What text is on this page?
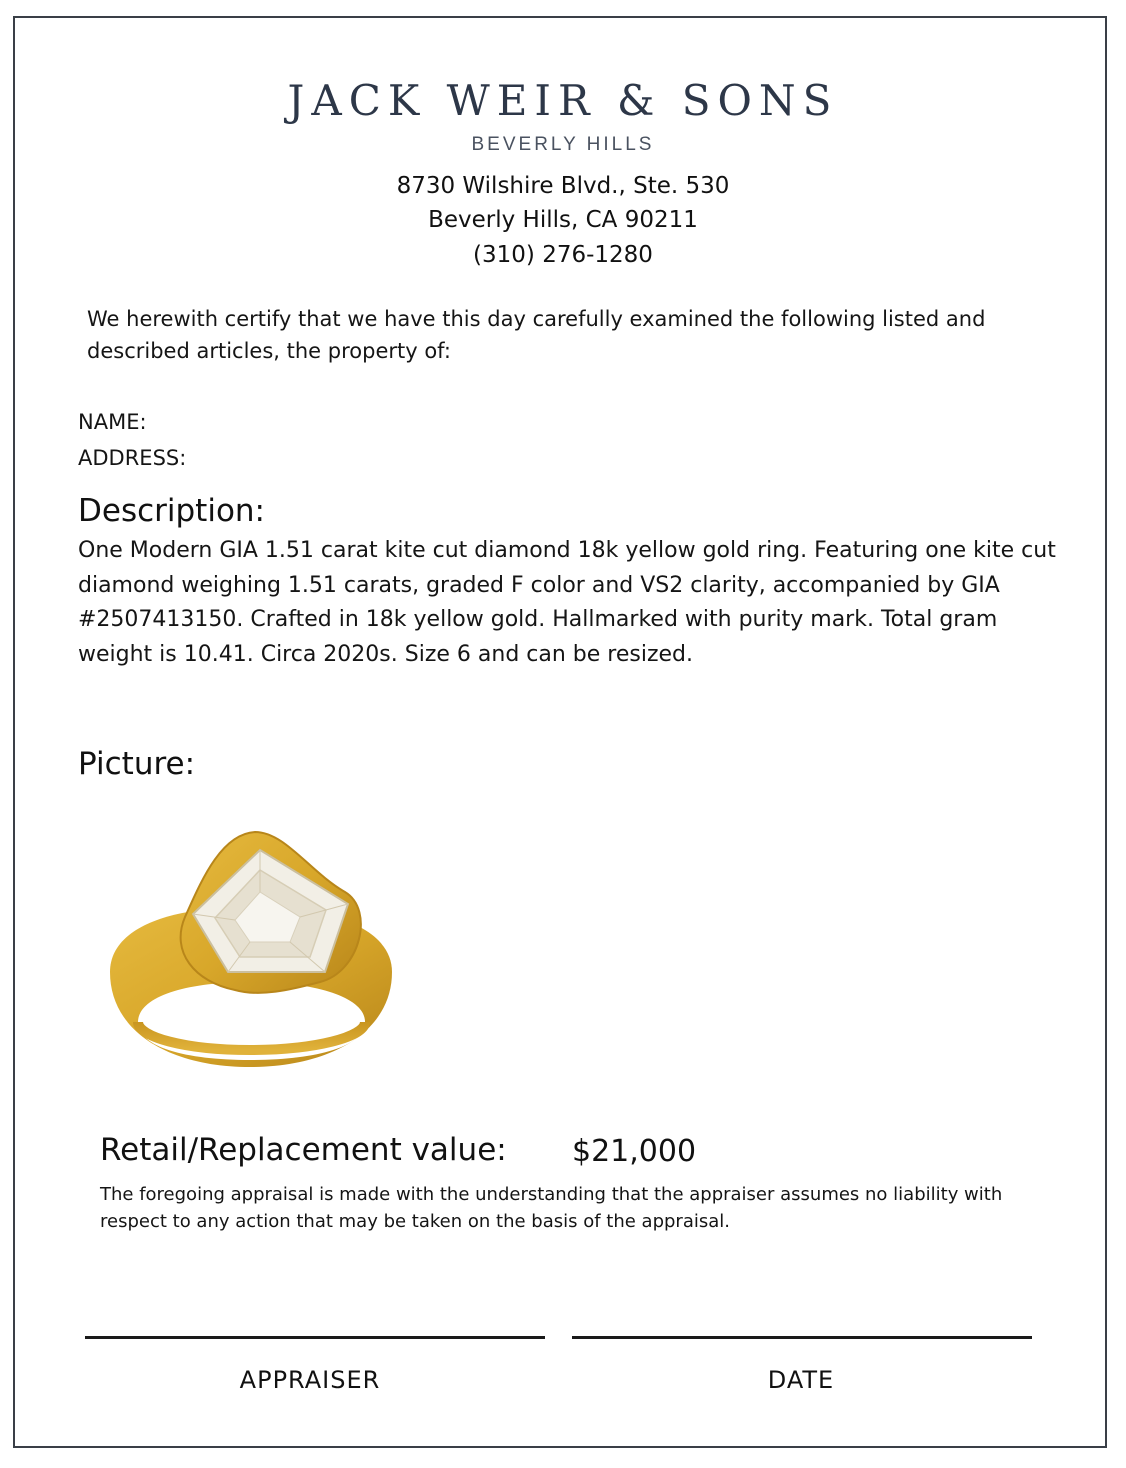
JACK WEIR & SONS
BEVERLY HILLS
8730 Wilshire Blvd., Ste. 530
Beverly Hills, CA 90211
(310) 276-1280

We herewith certify that we have this day carefully examined the following listed and described articles, the property of:

NAME:

ADDRESS:

Description:

One Modern GIA 1.51 carat kite cut diamond 18k yellow gold ring. Featuring one kite cut diamond weighing 1.51 carats, graded F color and VS2 clarity, accompanied by GIA #2507413150. Crafted in 18k yellow gold. Hallmarked with purity mark. Total gram weight is 10.41. Circa 2020s. Size 6 and can be resized.

Picture:
Retail/Replacement value: $21,000

The foregoing appraisal is made with the understanding that the appraiser assumes no liability with respect to any action that may be taken on the basis of the appraisal.

APPRAISER	DATE
